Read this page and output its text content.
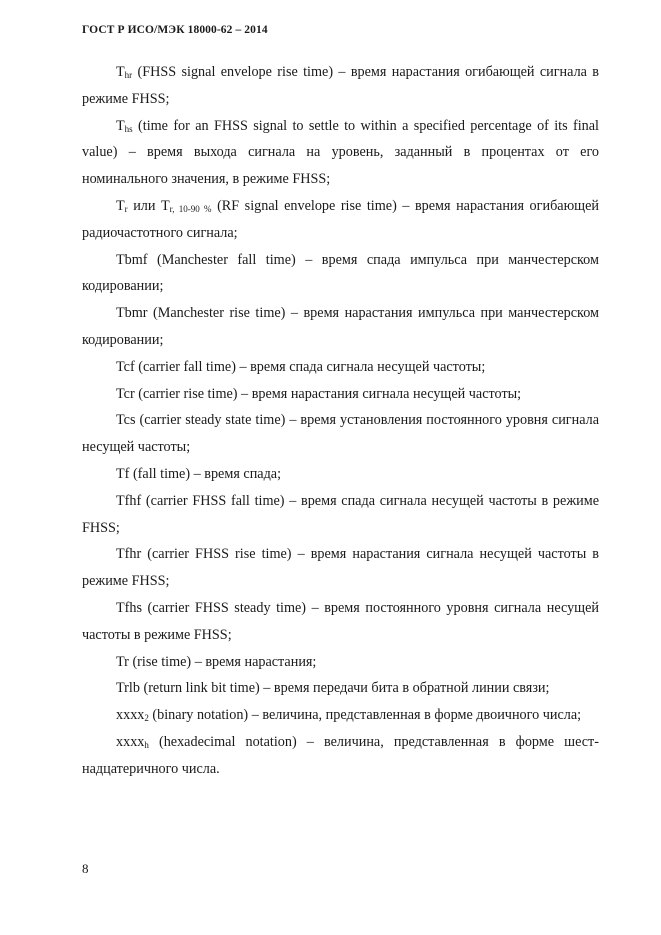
ГОСТ Р ИСО/МЭК 18000-62 – 2014

$T_{hr}$ (FHSS signal envelope rise time) – время нарастания огибающей сигнала в режиме FHSS;

$T_{hs}$ (time for an FHSS signal to settle to within a specified percentage of its final value) – время выхода сигнала на уровень, заданный в процентах от его номинального значения, в режиме FHSS;

$T_r$ или $T_{r, 10-90 \%}$ (RF signal envelope rise time) – время нарастания огибающей радиочастотного сигнала;

Tbmf (Manchester fall time) – время спада импульса при манчестерском кодировании;

Tbmr (Manchester rise time) – время нарастания импульса при манчестерском кодировании;

Tcf (carrier fall time) – время спада сигнала несущей частоты;

Tcr (carrier rise time) – время нарастания сигнала несущей частоты;

Tcs (carrier steady state time) – время установления постоянного уровня сигнала несущей частоты;

Tf (fall time) – время спада;

Tfhf (carrier FHSS fall time) – время спада сигнала несущей частоты в режиме FHSS;

Tfhr (carrier FHSS rise time) – время нарастания сигнала несущей частоты в режиме FHSS;

Tfhs (carrier FHSS steady time) – время постоянного уровня сигнала несущей частоты в режиме FHSS;

Tr (rise time) – время нарастания;

Trlb (return link bit time) – время передачи бита в обратной линии связи;

xxxx$_2$ (binary notation) – величина, представленная в форме двоичного числа;

xxxx$_h$ (hexadecimal notation) – величина, представленная в форме шестнадцатеричного числа.

8
